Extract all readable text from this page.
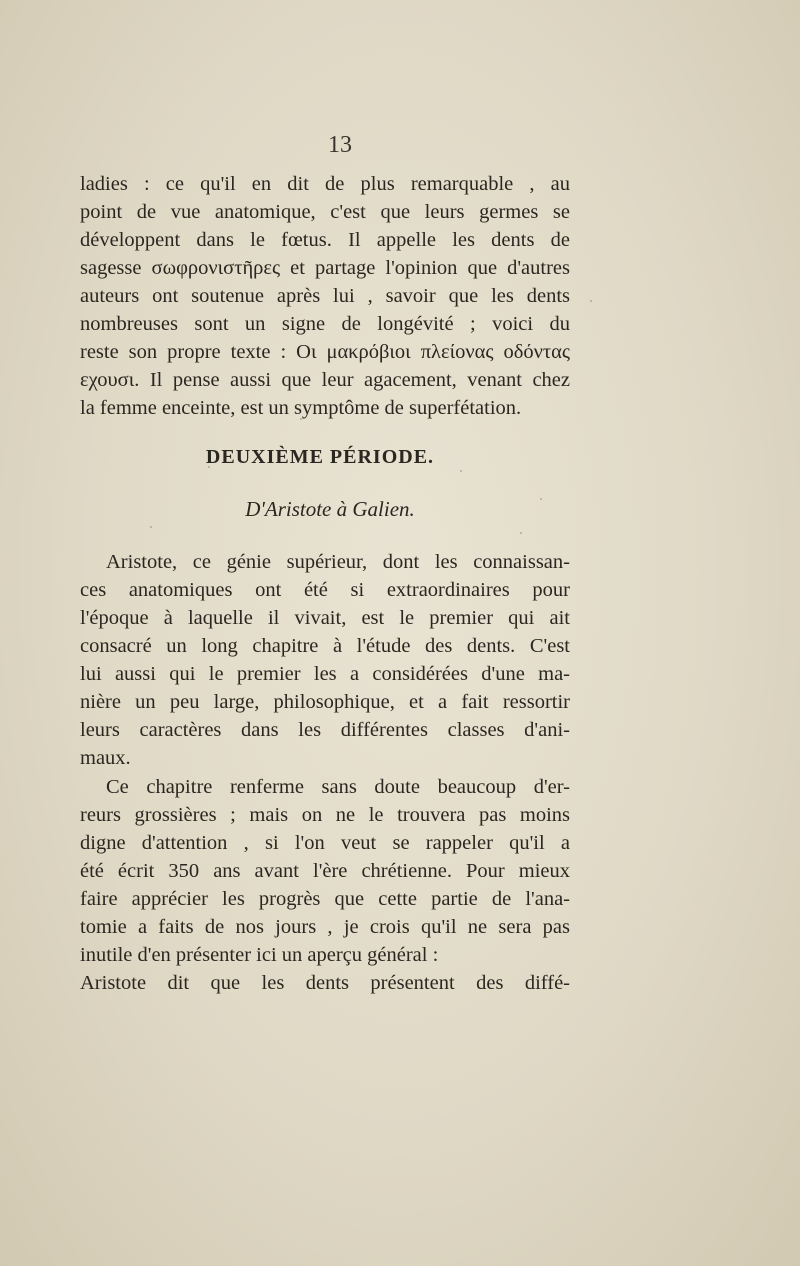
13
ladies : ce qu'il en dit de plus remarquable , au
point de vue anatomique, c'est que leurs germes se
développent dans le fœtus. Il appelle les dents de
sagesse σωφρονιστῆρες et partage l'opinion que d'autres
auteurs ont soutenue après lui , savoir que les dents
nombreuses sont un signe de longévité ; voici du
reste son propre texte : Οι μακρόβιοι πλείονας οδόντας
εχουσι. Il pense aussi que leur agacement, venant chez
la femme enceinte, est un symptôme de superfétation.
DEUXIÈME PÉRIODE.
D'Aristote à Galien.
Aristote, ce génie supérieur, dont les connaissan-
ces anatomiques ont été si extraordinaires pour
l'époque à laquelle il vivait, est le premier qui ait
consacré un long chapitre à l'étude des dents. C'est
lui aussi qui le premier les a considérées d'une ma-
nière un peu large, philosophique, et a fait ressortir
leurs caractères dans les différentes classes d'ani-
maux.
Ce chapitre renferme sans doute beaucoup d'er-
reurs grossières ; mais on ne le trouvera pas moins
digne d'attention , si l'on veut se rappeler qu'il a
été écrit 350 ans avant l'ère chrétienne. Pour mieux
faire apprécier les progrès que cette partie de l'ana-
tomie a faits de nos jours , je crois qu'il ne sera pas
inutile d'en présenter ici un aperçu général :
Aristote dit que les dents présentent des diffé-
